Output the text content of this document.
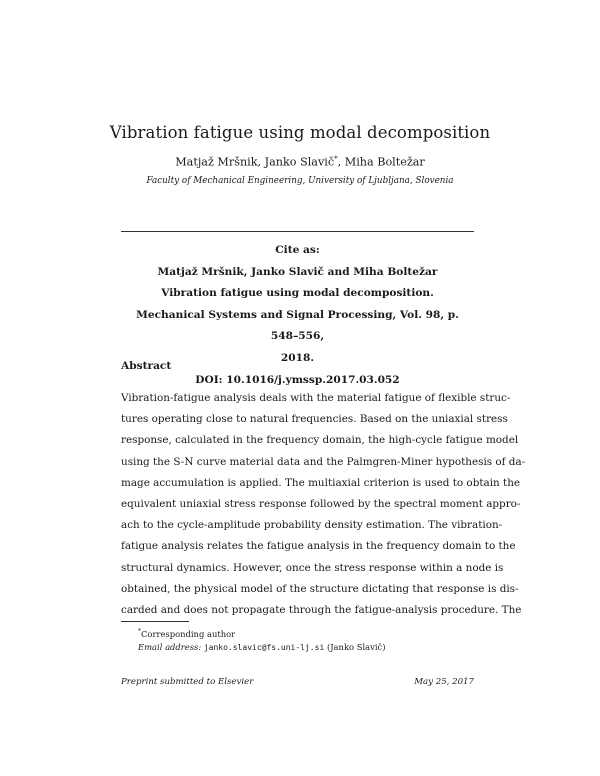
Vibration fatigue using modal decomposition
Matjaž Mršnik, Janko Slavič*, Miha Boltežar
Faculty of Mechanical Engineering, University of Ljubljana, Slovenia
Cite as:
Matjaž Mršnik, Janko Slavič and Miha Boltežar
Vibration fatigue using modal decomposition.
Mechanical Systems and Signal Processing, Vol. 98, p. 548–556,
2018.
DOI: 10.1016/j.ymssp.2017.03.052
Abstract
Vibration-fatigue analysis deals with the material fatigue of flexible struc-
tures operating close to natural frequencies. Based on the uniaxial stress
response, calculated in the frequency domain, the high-cycle fatigue model
using the S-N curve material data and the Palmgren-Miner hypothesis of da-
mage accumulation is applied. The multiaxial criterion is used to obtain the
equivalent uniaxial stress response followed by the spectral moment appro-
ach to the cycle-amplitude probability density estimation. The vibration-
fatigue analysis relates the fatigue analysis in the frequency domain to the
structural dynamics. However, once the stress response within a node is
obtained, the physical model of the structure dictating that response is dis-
carded and does not propagate through the fatigue-analysis procedure. The
*Corresponding author
Email address: janko.slavic@fs.uni-lj.si (Janko Slavič)
Preprint submitted to Elsevier	May 25, 2017
